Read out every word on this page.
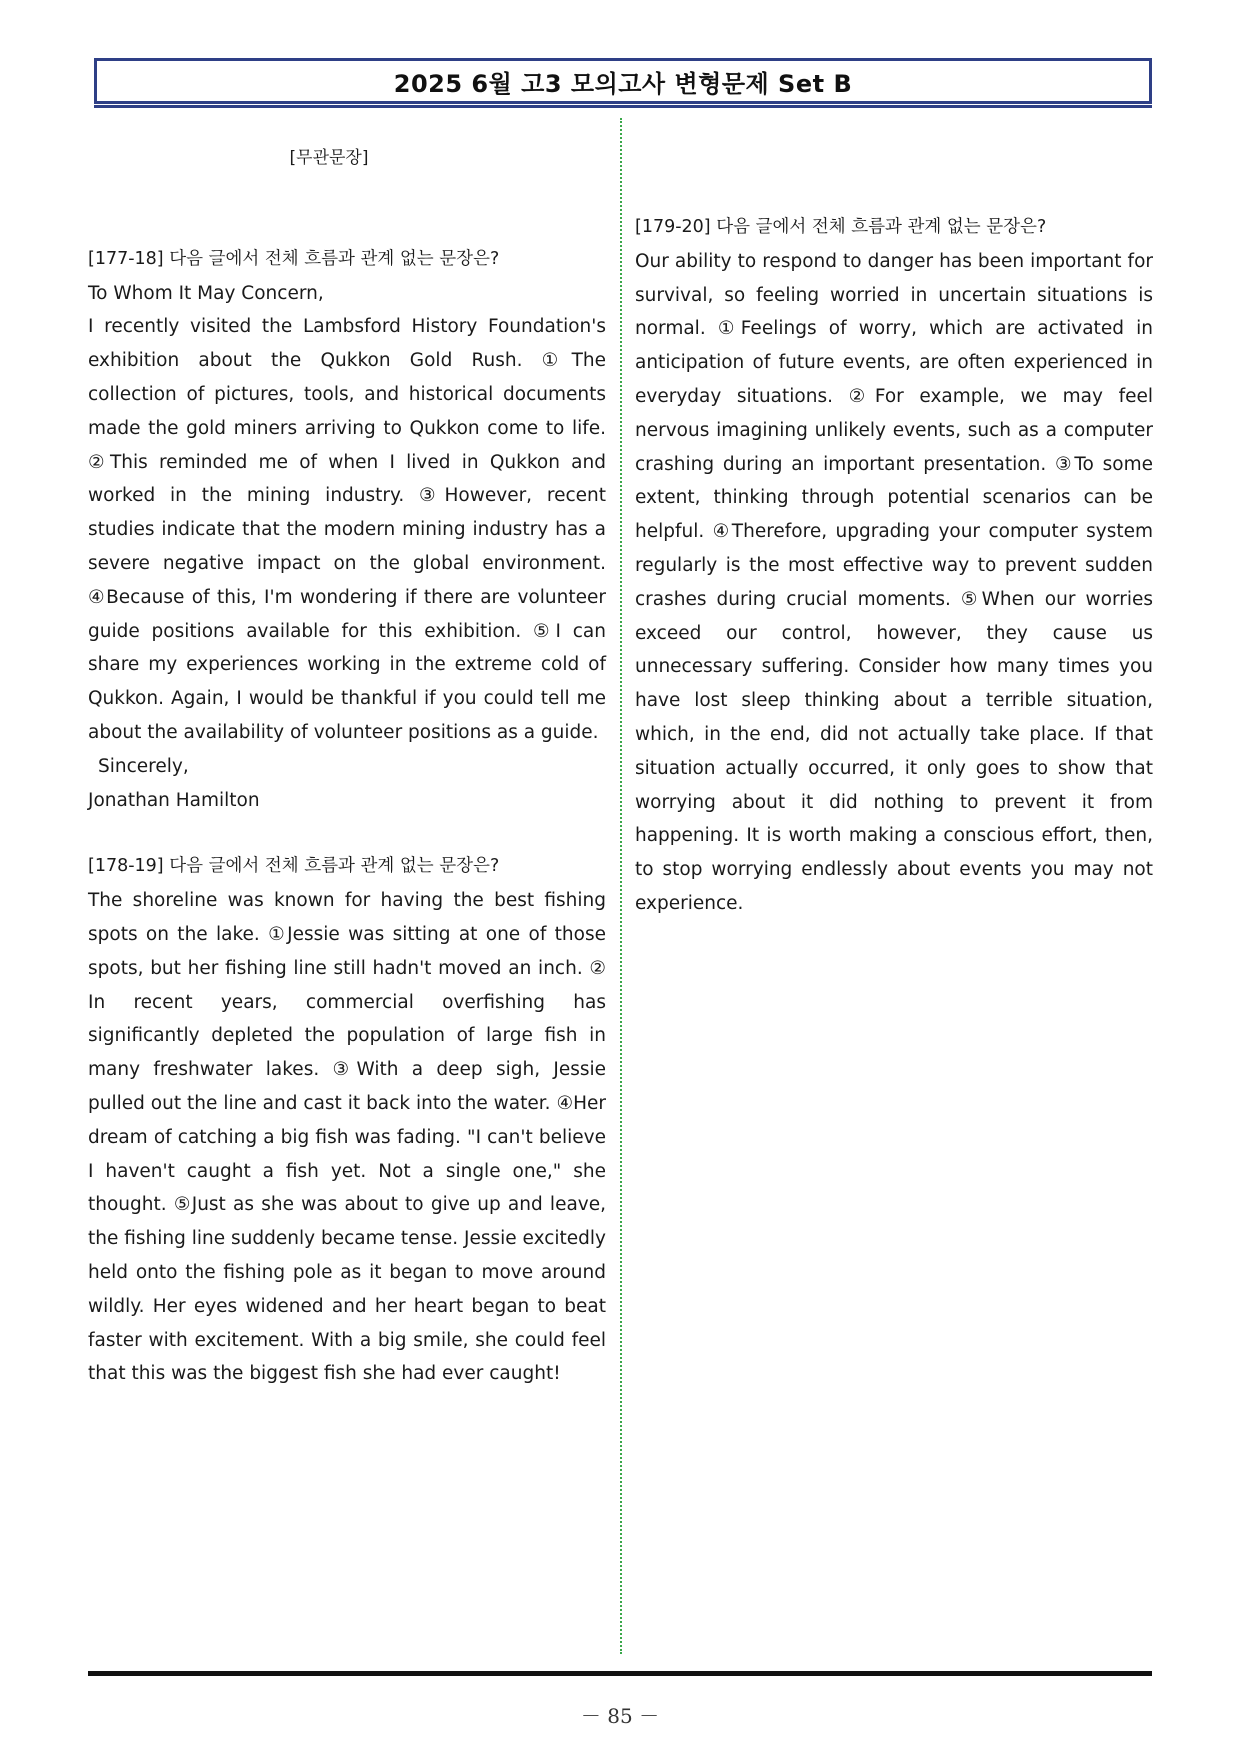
2025 6월 고3 모의고사 변형문제 Set B

[무관문장]

[177-18] 다음 글에서 전체 흐름과 관계 없는 문장은?

To Whom It May Concern,

I recently visited the Lambsford History Foundation's exhibition about the Qukkon Gold Rush. ①The collection of pictures, tools, and historical documents made the gold miners arriving to Qukkon come to life. ②This reminded me of when I lived in Qukkon and worked in the mining industry. ③However, recent studies indicate that the modern mining industry has a severe negative impact on the global environment. ④Because of this, I'm wondering if there are volunteer guide positions available for this exhibition. ⑤I can share my experiences working in the extreme cold of Qukkon. Again, I would be thankful if you could tell me about the availability of volunteer positions as a guide.

Sincerely,

Jonathan Hamilton

[178-19] 다음 글에서 전체 흐름과 관계 없는 문장은?

The shoreline was known for having the best fishing spots on the lake. ①Jessie was sitting at one of those spots, but her fishing line still hadn't moved an inch. ② In recent years, commercial overfishing has significantly depleted the population of large fish in many freshwater lakes. ③With a deep sigh, Jessie pulled out the line and cast it back into the water. ④Her dream of catching a big fish was fading. "I can't believe I haven't caught a fish yet. Not a single one," she thought. ⑤Just as she was about to give up and leave, the fishing line suddenly became tense. Jessie excitedly held onto the fishing pole as it began to move around wildly. Her eyes widened and her heart began to beat faster with excitement. With a big smile, she could feel that this was the biggest fish she had ever caught!

[179-20] 다음 글에서 전체 흐름과 관계 없는 문장은?

Our ability to respond to danger has been important for survival, so feeling worried in uncertain situations is normal. ①Feelings of worry, which are activated in anticipation of future events, are often experienced in everyday situations. ②For example, we may feel nervous imagining unlikely events, such as a computer crashing during an important presentation. ③To some extent, thinking through potential scenarios can be helpful. ④Therefore, upgrading your computer system regularly is the most effective way to prevent sudden crashes during crucial moments. ⑤When our worries exceed our control, however, they cause us unnecessary suffering. Consider how many times you have lost sleep thinking about a terrible situation, which, in the end, did not actually take place. If that situation actually occurred, it only goes to show that worrying about it did nothing to prevent it from happening. It is worth making a conscious effort, then, to stop worrying endlessly about events you may not experience.

－ 85 －
